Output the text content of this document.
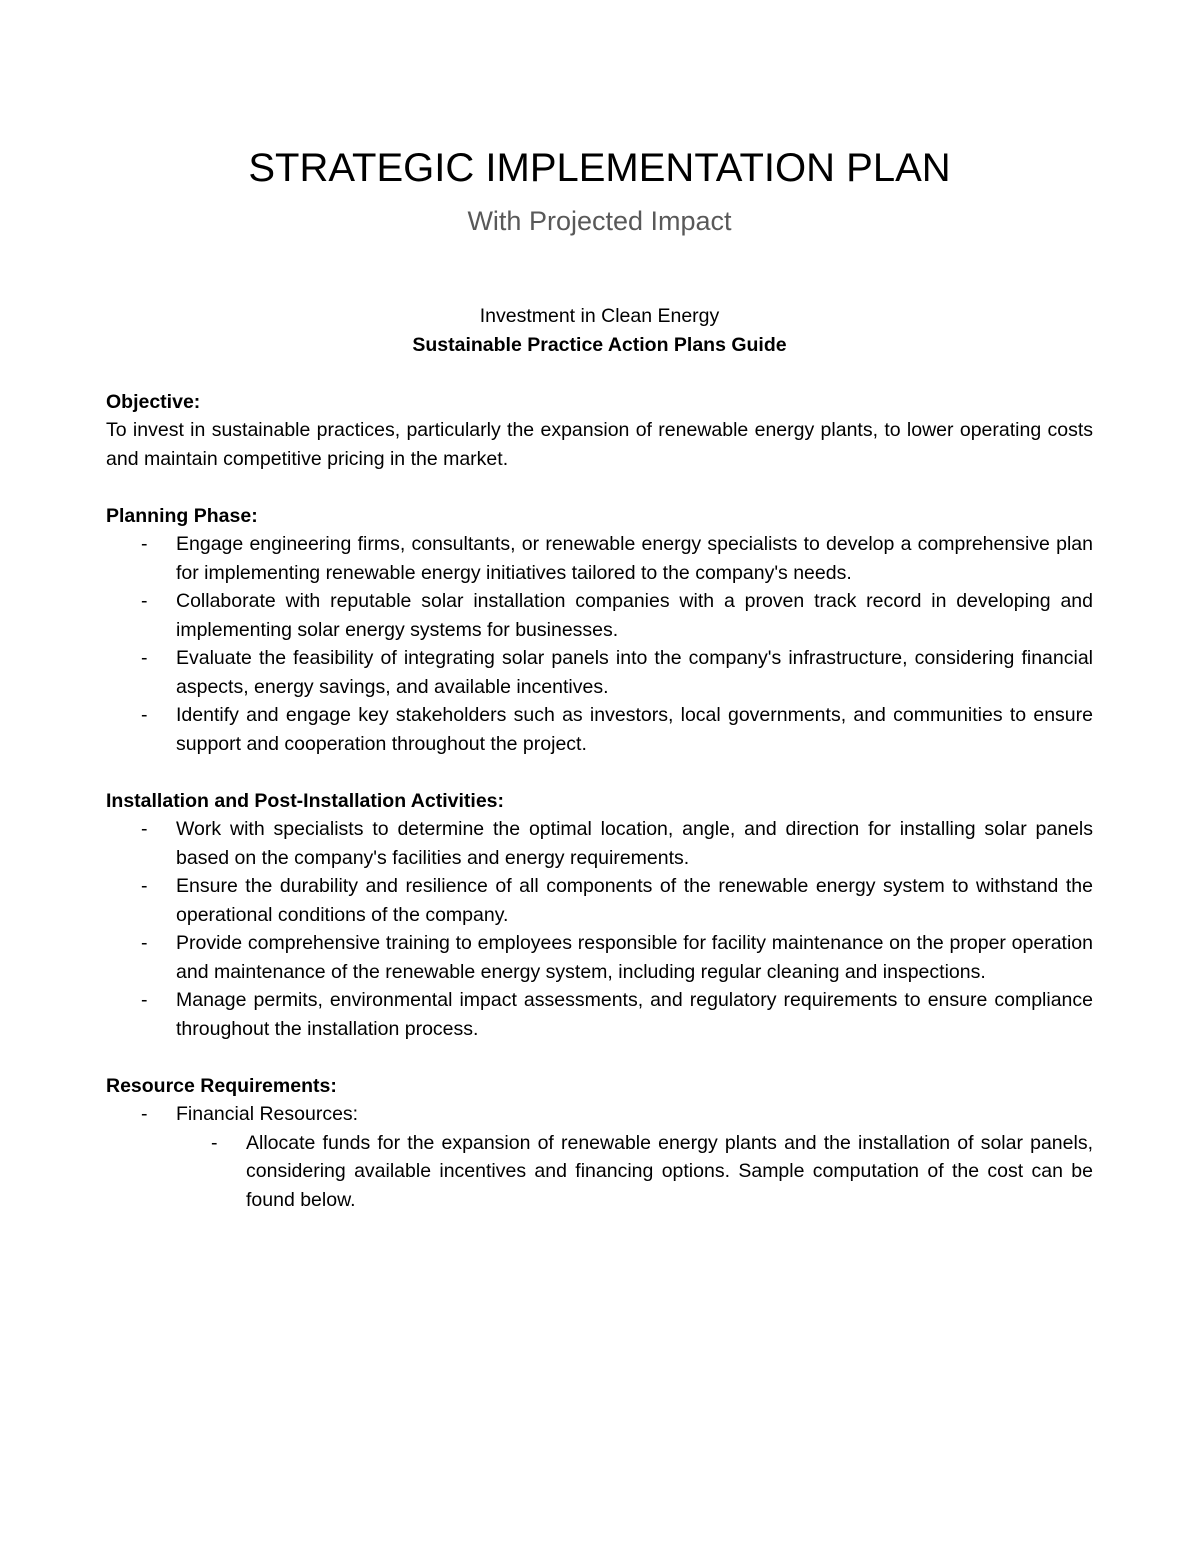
STRATEGIC IMPLEMENTATION PLAN
With Projected Impact

Investment in Clean Energy

Sustainable Practice Action Plans Guide

Objective:

To invest in sustainable practices, particularly the expansion of renewable energy plants, to lower operating costs and maintain competitive pricing in the market.

Planning Phase:

- Engage engineering firms, consultants, or renewable energy specialists to develop a comprehensive plan for implementing renewable energy initiatives tailored to the company's needs.
- Collaborate with reputable solar installation companies with a proven track record in developing and implementing solar energy systems for businesses.
- Evaluate the feasibility of integrating solar panels into the company's infrastructure, considering financial aspects, energy savings, and available incentives.
- Identify and engage key stakeholders such as investors, local governments, and communities to ensure support and cooperation throughout the project.

Installation and Post-Installation Activities:

- Work with specialists to determine the optimal location, angle, and direction for installing solar panels based on the company's facilities and energy requirements.
- Ensure the durability and resilience of all components of the renewable energy system to withstand the operational conditions of the company.
- Provide comprehensive training to employees responsible for facility maintenance on the proper operation and maintenance of the renewable energy system, including regular cleaning and inspections.
- Manage permits, environmental impact assessments, and regulatory requirements to ensure compliance throughout the installation process.

Resource Requirements:

- Financial Resources:
- Allocate funds for the expansion of renewable energy plants and the installation of solar panels, considering available incentives and financing options. Sample computation of the cost can be found below.
